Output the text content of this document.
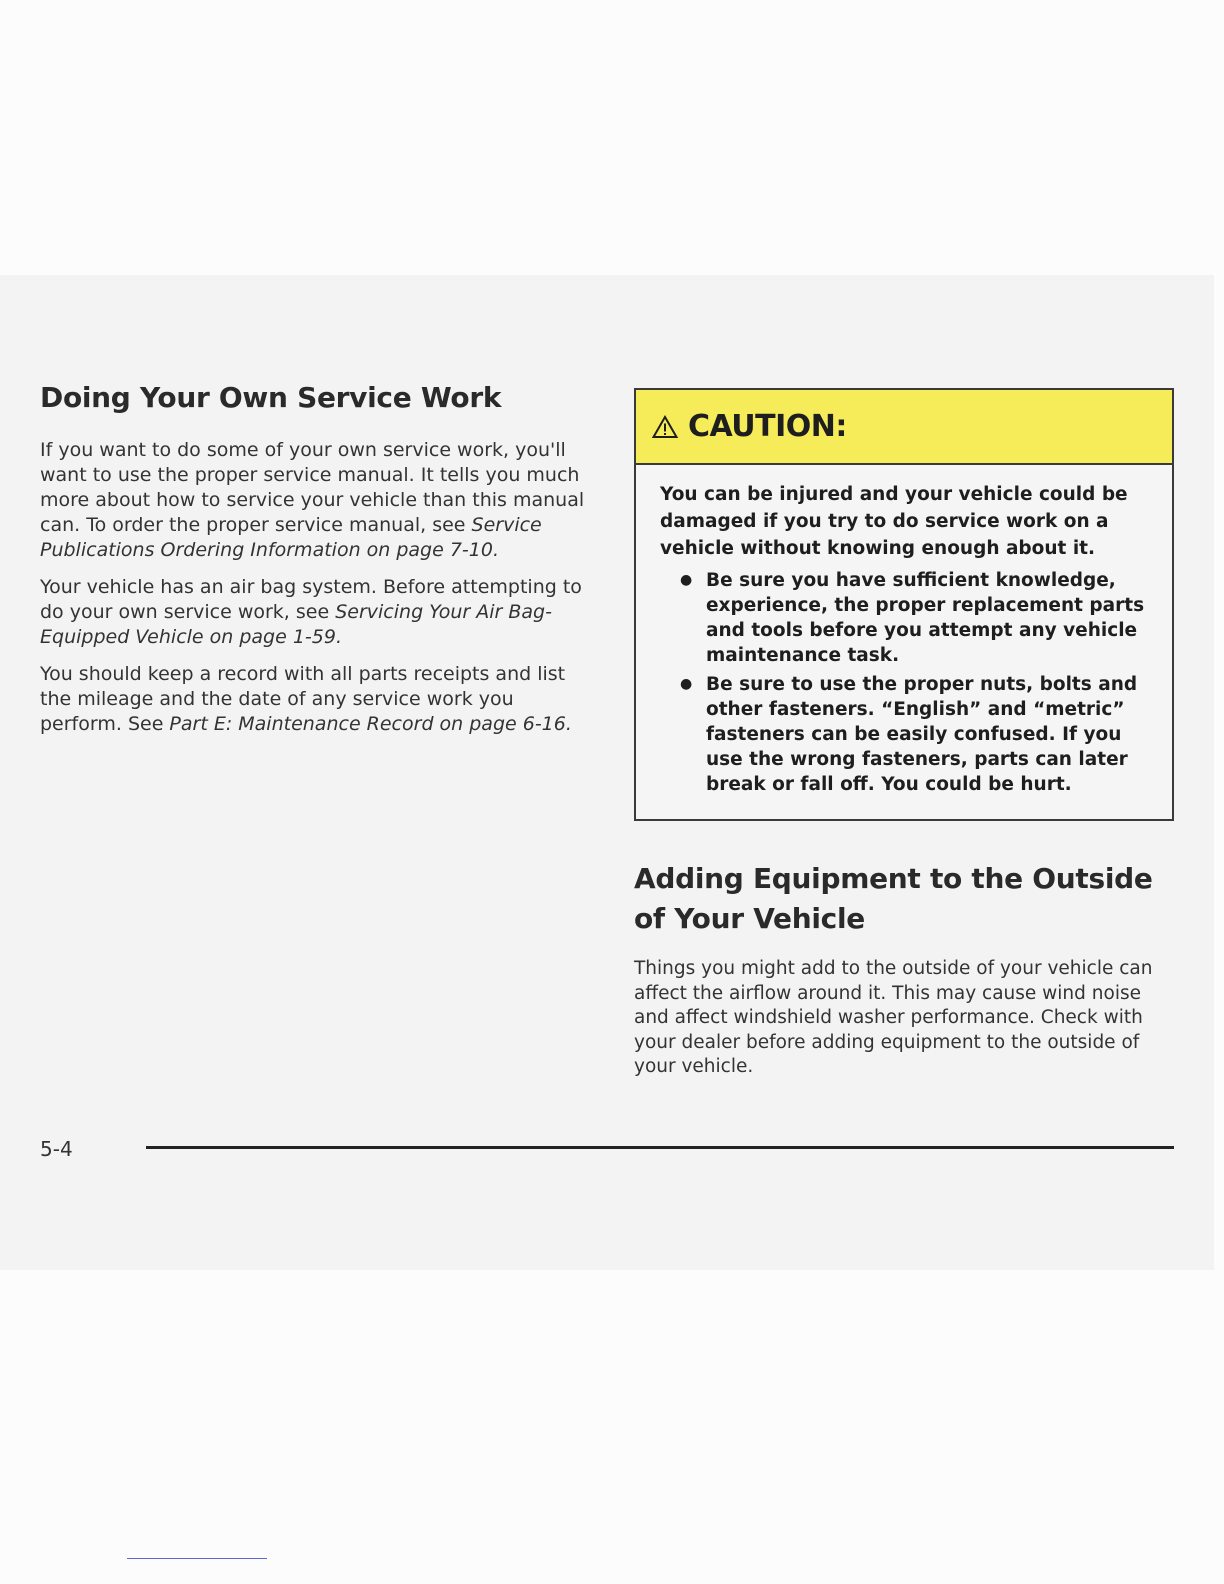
Doing Your Own Service Work

If you want to do some of your own service work, you'll want to use the proper service manual. It tells you much more about how to service your vehicle than this manual can. To order the proper service manual, see Service Publications Ordering Information on page 7-10.

Your vehicle has an air bag system. Before attempting to do your own service work, see Servicing Your Air Bag-Equipped Vehicle on page 1-59.

You should keep a record with all parts receipts and list the mileage and the date of any service work you perform. See Part E: Maintenance Record on page 6-16.

CAUTION:

You can be injured and your vehicle could be damaged if you try to do service work on a vehicle without knowing enough about it.

● Be sure you have sufficient knowledge, experience, the proper replacement parts and tools before you attempt any vehicle maintenance task.
● Be sure to use the proper nuts, bolts and other fasteners. “English” and “metric” fasteners can be easily confused. If you use the wrong fasteners, parts can later break or fall off. You could be hurt.
Adding Equipment to the Outside of Your Vehicle

Things you might add to the outside of your vehicle can affect the airflow around it. This may cause wind noise and affect windshield washer performance. Check with your dealer before adding equipment to the outside of your vehicle.

5-4
